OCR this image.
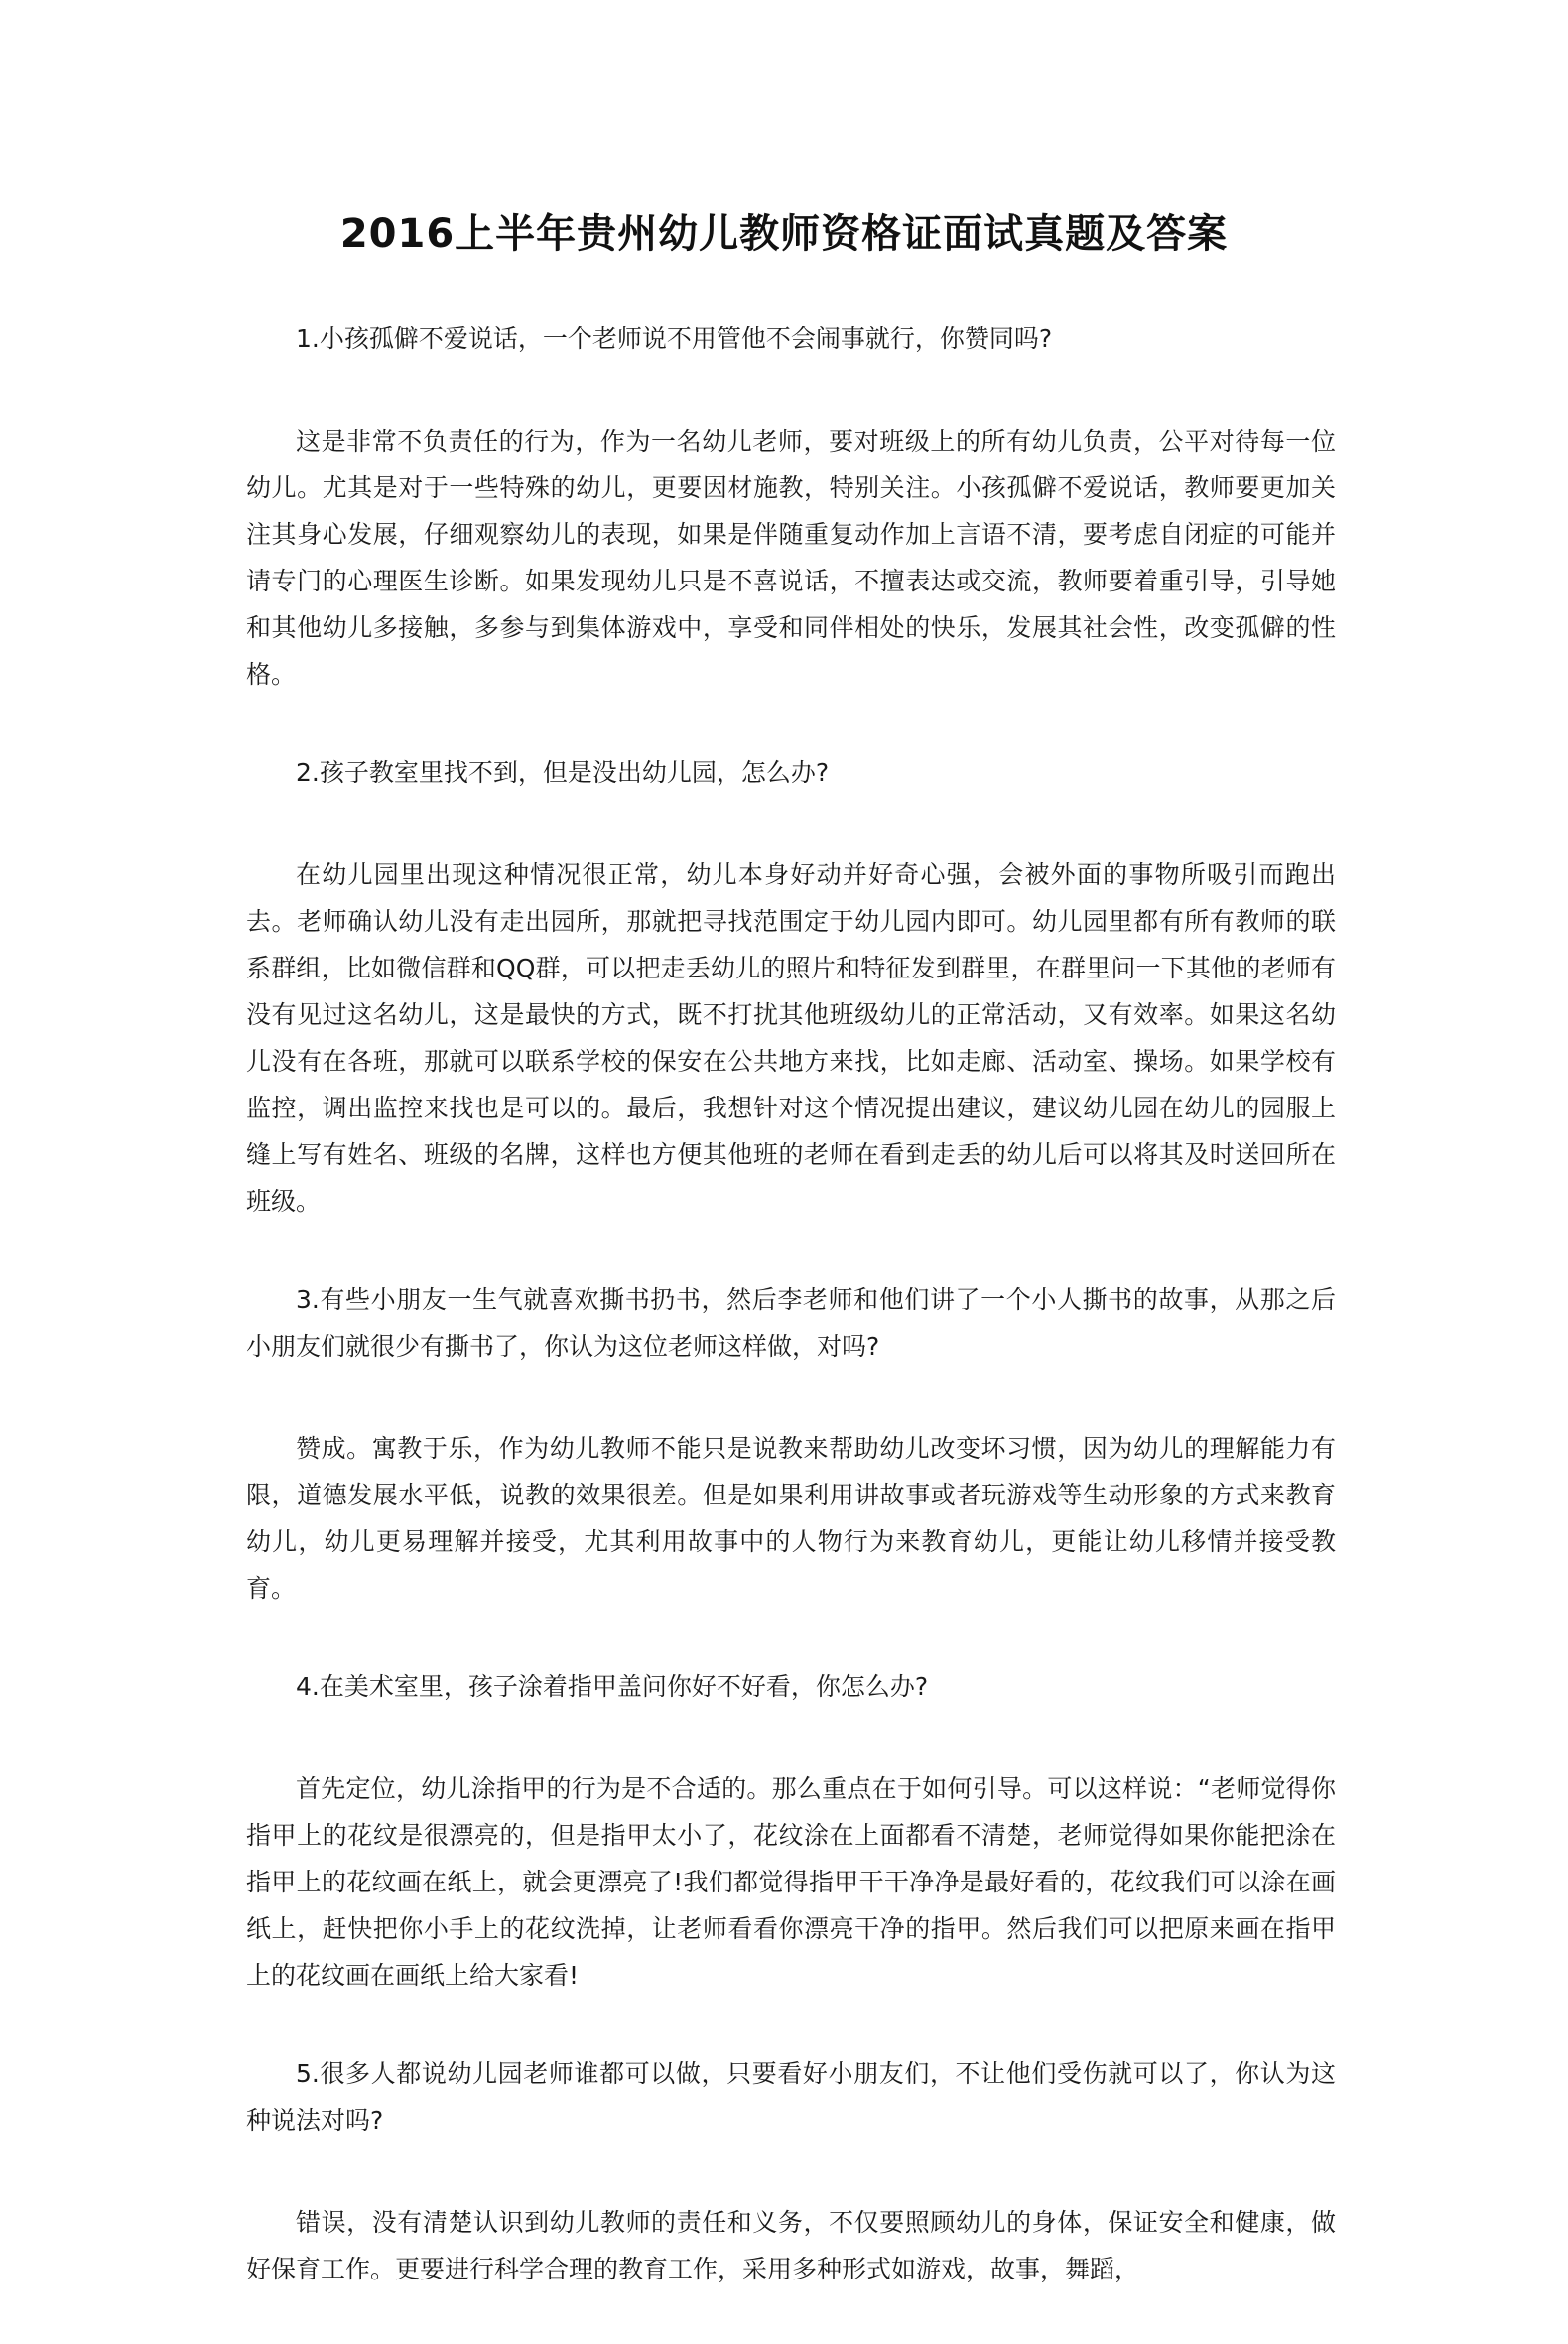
2016上半年贵州幼儿教师资格证面试真题及答案

1.小孩孤僻不爱说话，一个老师说不用管他不会闹事就行，你赞同吗?

这是非常不负责任的行为，作为一名幼儿老师，要对班级上的所有幼儿负责，公平对待每一位幼儿。尤其是对于一些特殊的幼儿，更要因材施教，特别关注。小孩孤僻不爱说话，教师要更加关注其身心发展，仔细观察幼儿的表现，如果是伴随重复动作加上言语不清，要考虑自闭症的可能并请专门的心理医生诊断。如果发现幼儿只是不喜说话，不擅表达或交流，教师要着重引导，引导她和其他幼儿多接触，多参与到集体游戏中，享受和同伴相处的快乐，发展其社会性，改变孤僻的性格。

2.孩子教室里找不到，但是没出幼儿园，怎么办?

在幼儿园里出现这种情况很正常，幼儿本身好动并好奇心强，会被外面的事物所吸引而跑出去。老师确认幼儿没有走出园所，那就把寻找范围定于幼儿园内即可。幼儿园里都有所有教师的联系群组，比如微信群和QQ群，可以把走丢幼儿的照片和特征发到群里，在群里问一下其他的老师有没有见过这名幼儿，这是最快的方式，既不打扰其他班级幼儿的正常活动，又有效率。如果这名幼儿没有在各班，那就可以联系学校的保安在公共地方来找，比如走廊、活动室、操场。如果学校有监控，调出监控来找也是可以的。最后，我想针对这个情况提出建议，建议幼儿园在幼儿的园服上缝上写有姓名、班级的名牌，这样也方便其他班的老师在看到走丢的幼儿后可以将其及时送回所在班级。

3.有些小朋友一生气就喜欢撕书扔书，然后李老师和他们讲了一个小人撕书的故事，从那之后小朋友们就很少有撕书了，你认为这位老师这样做，对吗?

赞成。寓教于乐，作为幼儿教师不能只是说教来帮助幼儿改变坏习惯，因为幼儿的理解能力有限，道德发展水平低，说教的效果很差。但是如果利用讲故事或者玩游戏等生动形象的方式来教育幼儿，幼儿更易理解并接受，尤其利用故事中的人物行为来教育幼儿，更能让幼儿移情并接受教育。

4.在美术室里，孩子涂着指甲盖问你好不好看，你怎么办?

首先定位，幼儿涂指甲的行为是不合适的。那么重点在于如何引导。可以这样说：“老师觉得你指甲上的花纹是很漂亮的，但是指甲太小了，花纹涂在上面都看不清楚，老师觉得如果你能把涂在指甲上的花纹画在纸上，就会更漂亮了!我们都觉得指甲干干净净是最好看的，花纹我们可以涂在画纸上，赶快把你小手上的花纹洗掉，让老师看看你漂亮干净的指甲。然后我们可以把原来画在指甲上的花纹画在画纸上给大家看!

5.很多人都说幼儿园老师谁都可以做，只要看好小朋友们，不让他们受伤就可以了，你认为这种说法对吗?

错误，没有清楚认识到幼儿教师的责任和义务，不仅要照顾幼儿的身体，保证安全和健康，做好保育工作。更要进行科学合理的教育工作，采用多种形式如游戏，故事，舞蹈，
